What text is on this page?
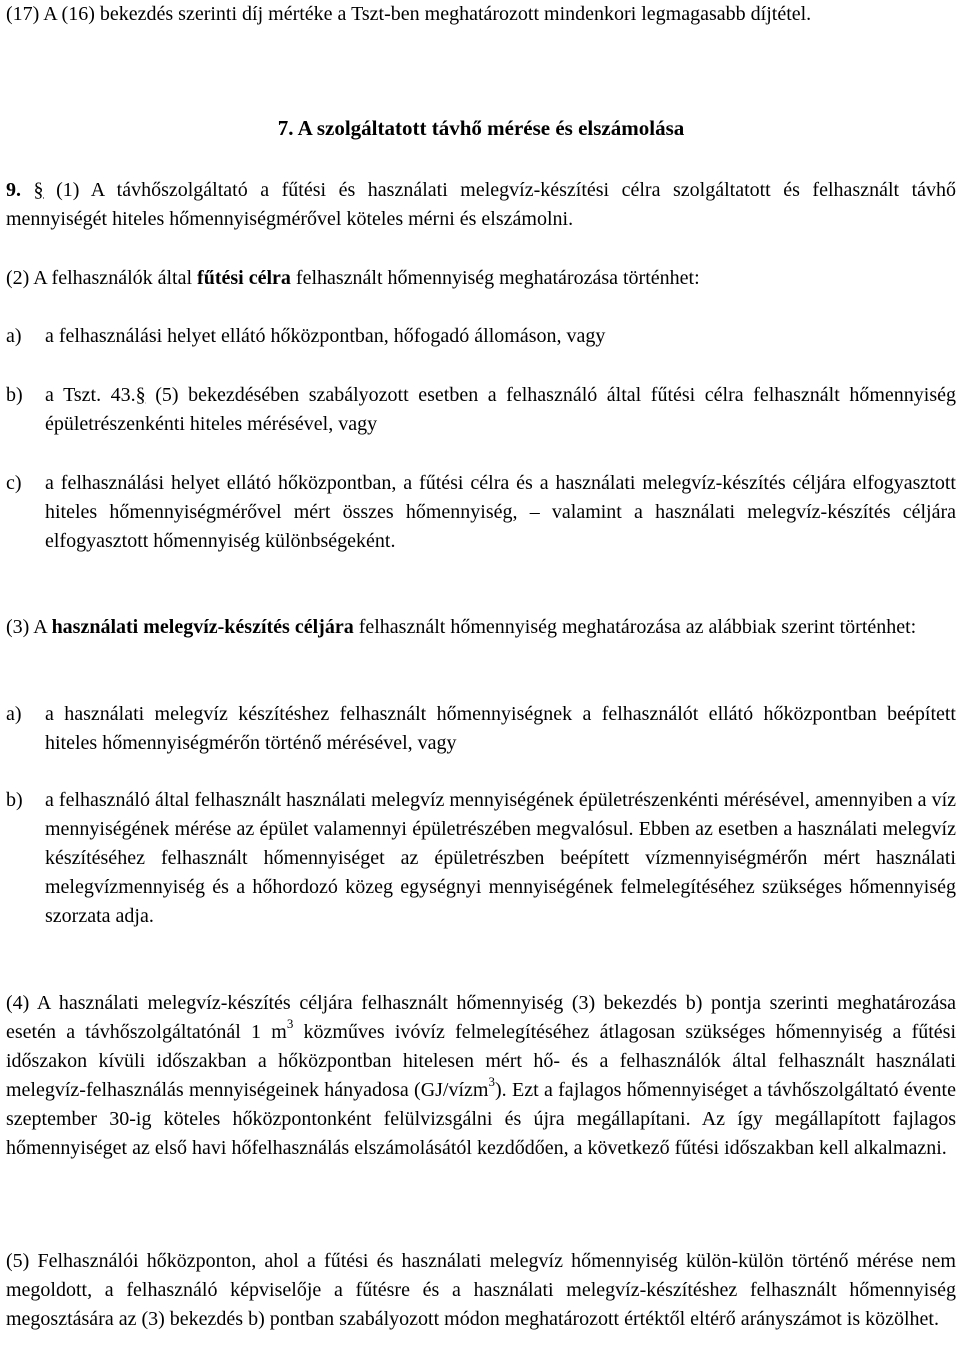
(17) A (16) bekezdés szerinti díj mértéke a Tszt-ben meghatározott mindenkori legmagasabb díjtétel.

7. A szolgáltatott távhő mérése és elszámolása

9. § (1) A távhőszolgáltató a fűtési és használati melegvíz-készítési célra szolgáltatott és felhasznált távhő mennyiségét hiteles hőmennyiségmérővel köteles mérni és elszámolni.

(2) A felhasználók által fűtési célra felhasznált hőmennyiség meghatározása történhet:

a)	a felhasználási helyet ellátó hőközpontban, hőfogadó állomáson, vagy
b)	a Tszt. 43.§ (5) bekezdésében szabályozott esetben a felhasználó által fűtési célra felhasznált hőmennyiség épületrészenkénti hiteles mérésével, vagy
c)	a felhasználási helyet ellátó hőközpontban, a fűtési célra és a használati melegvíz-készítés céljára elfogyasztott hiteles hőmennyiségmérővel mért összes hőmennyiség, – valamint a használati melegvíz-készítés céljára elfogyasztott hőmennyiség különbségeként.

(3) A használati melegvíz-készítés céljára felhasznált hőmennyiség meghatározása az alábbiak szerint történhet:

a)	a használati melegvíz készítéshez felhasznált hőmennyiségnek a felhasználót ellátó hőközpontban beépített hiteles hőmennyiségmérőn történő mérésével, vagy
b)	a felhasználó által felhasznált használati melegvíz mennyiségének épületrészenkénti mérésével, amennyiben a víz mennyiségének mérése az épület valamennyi épületrészében megvalósul. Ebben az esetben a használati melegvíz készítéséhez felhasznált hőmennyiséget az épületrészben beépített vízmennyiségmérőn mért használati melegvízmennyiség és a hőhordozó közeg egységnyi mennyiségének felmelegítéséhez szükséges hőmennyiség szorzata adja.

(4) A használati melegvíz-készítés céljára felhasznált hőmennyiség (3) bekezdés b) pontja szerinti meghatározása esetén a távhőszolgáltatónál 1 $m^3$ közműves ivóvíz felmelegítéséhez átlagosan szükséges hőmennyiség a fűtési időszakon kívüli időszakban a hőközpontban hitelesen mért hő- és a felhasználók által felhasznált használati melegvíz-felhasználás mennyiségeinek hányadosa (GJ/vízm$^3$). Ezt a fajlagos hőmennyiséget a távhőszolgáltató évente szeptember 30-ig köteles hőközpontonként felülvizsgálni és újra megállapítani. Az így megállapított fajlagos hőmennyiséget az első havi hőfelhasználás elszámolásától kezdődően, a következő fűtési időszakban kell alkalmazni.

(5) Felhasználói hőközponton, ahol a fűtési és használati melegvíz hőmennyiség külön-külön történő mérése nem megoldott, a felhasználó képviselője a fűtésre és a használati melegvíz-készítéshez felhasznált hőmennyiség megosztására az (3) bekezdés b) pontban szabályozott módon meghatározott értéktől eltérő arányszámot is közölhet.
